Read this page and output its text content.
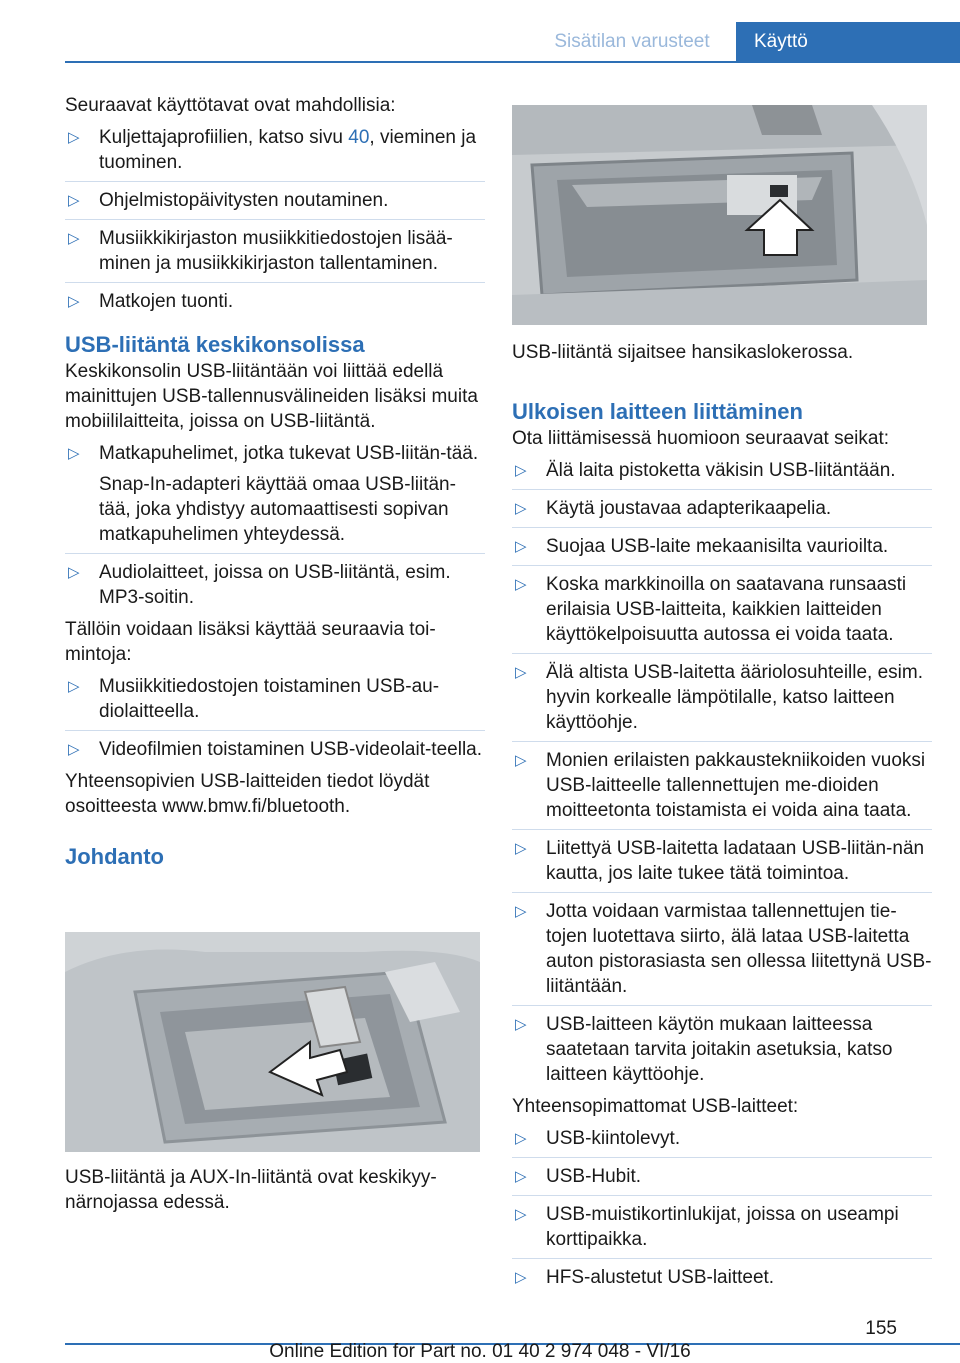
Sisätilan varusteet	Käyttö

Seuraavat käyttötavat ovat mahdollisia:

▷ Kuljettajaprofiilien, katso sivu 40, vieminen ja tuominen.
▷ Ohjelmistopäivitysten noutaminen.
▷ Musiikkikirjaston musiikkitiedostojen lisää-minen ja musiikkikirjaston tallentaminen.
▷ Matkojen tuonti.
USB-liitäntä keskikonsolissa

Keskikonsolin USB-liitäntään voi liittää edellä mainittujen USB-tallennusvälineiden lisäksi muita mobiililaitteita, joissa on USB-liitäntä.

▷ Matkapuhelimet, jotka tukevat USB-liitän-tää.

Snap-In-adapteri käyttää omaa USB-liitän-tää, joka yhdistyy automaattisesti sopivan matkapuhelimen yhteydessä.

▷ Audiolaitteet, joissa on USB-liitäntä, esim. MP3-soitin.

Tällöin voidaan lisäksi käyttää seuraavia toi-mintoja:

▷ Musiikkitiedostojen toistaminen USB-au-diolaitteella.
▷ Videofilmien toistaminen USB-videolait-teella.

Yhteensopivien USB-laitteiden tiedot löydät osoitteesta www.bmw.fi/bluetooth.

Johdanto

USB-liitäntä ja AUX-In-liitäntä ovat keskikyy-närnojassa edessä.

USB-liitäntä sijaitsee hansikaslokerossa.

Ulkoisen laitteen liittäminen

Ota liittämisessä huomioon seuraavat seikat:

▷ Älä laita pistoketta väkisin USB-liitäntään.
▷ Käytä joustavaa adapterikaapelia.
▷ Suojaa USB-laite mekaanisilta vaurioilta.
▷ Koska markkinoilla on saatavana runsaasti erilaisia USB-laitteita, kaikkien laitteiden käyttökelpoisuutta autossa ei voida taata.
▷ Älä altista USB-laitetta ääriolosuhteille, esim. hyvin korkealle lämpötilalle, katso laitteen käyttöohje.
▷ Monien erilaisten pakkaustekniikoiden vuoksi USB-laitteelle tallennettujen me-dioiden moitteetonta toistamista ei voida aina taata.
▷ Liitettyä USB-laitetta ladataan USB-liitän-nän kautta, jos laite tukee tätä toimintoa.
▷ Jotta voidaan varmistaa tallennettujen tie-tojen luotettava siirto, älä lataa USB-laitetta auton pistorasiasta sen ollessa liitettynä USB-liitäntään.
▷ USB-laitteen käytön mukaan laitteessa saatetaan tarvita joitakin asetuksia, katso laitteen käyttöohje.

Yhteensopimattomat USB-laitteet:

▷ USB-kiintolevyt.
▷ USB-Hubit.
▷ USB-muistikortinlukijat, joissa on useampi korttipaikka.
▷ HFS-alustetut USB-laitteet.
155
Online Edition for Part no. 01 40 2 974 048 - VI/16
